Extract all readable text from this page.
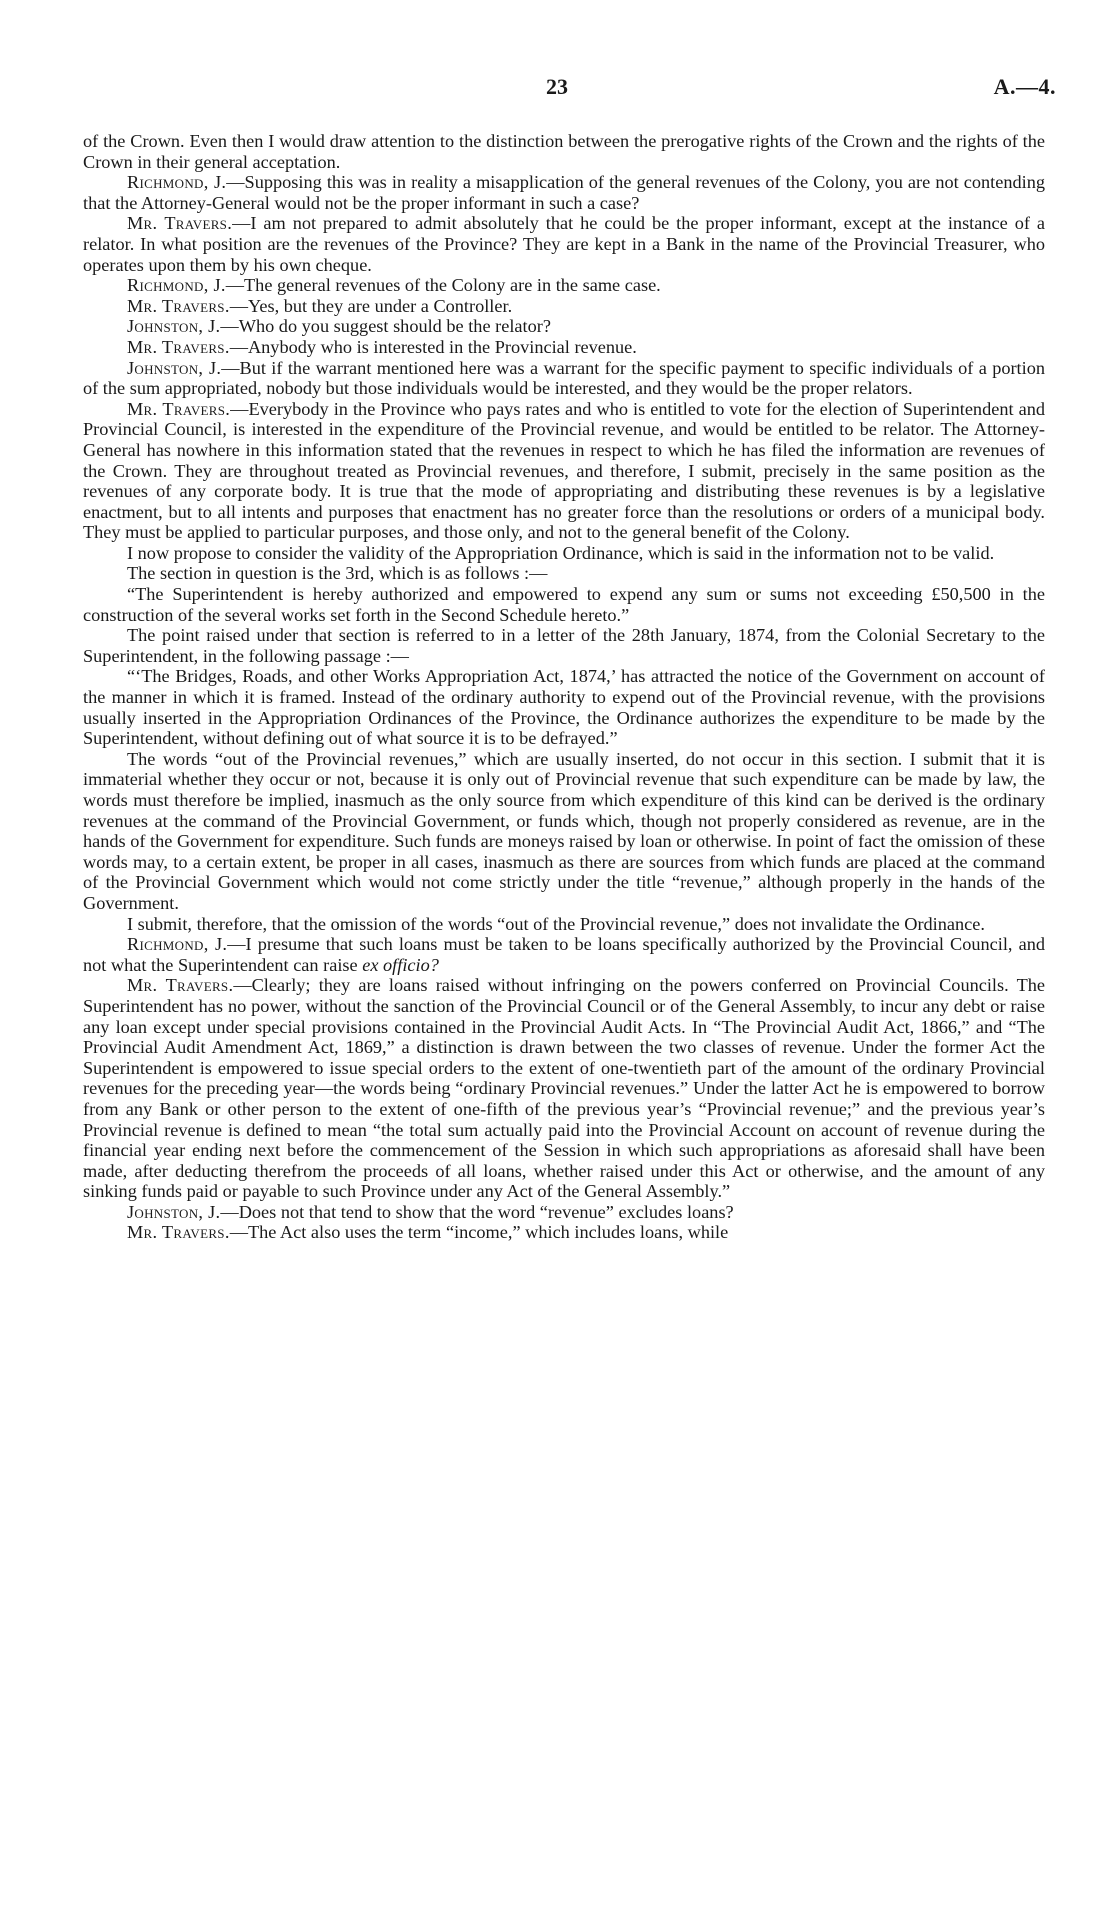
23	A.—4.

of the Crown. Even then I would draw attention to the distinction between the prerogative rights of the Crown and the rights of the Crown in their general acceptation.

Richmond, J.—Supposing this was in reality a misapplication of the general revenues of the Colony, you are not contending that the Attorney-General would not be the proper informant in such a case?

Mr. Travers.—I am not prepared to admit absolutely that he could be the proper informant, except at the instance of a relator. In what position are the revenues of the Province? They are kept in a Bank in the name of the Provincial Treasurer, who operates upon them by his own cheque.

Richmond, J.—The general revenues of the Colony are in the same case.

Mr. Travers.—Yes, but they are under a Controller.

Johnston, J.—Who do you suggest should be the relator?

Mr. Travers.—Anybody who is interested in the Provincial revenue.

Johnston, J.—But if the warrant mentioned here was a warrant for the specific payment to specific individuals of a portion of the sum appropriated, nobody but those individuals would be interested, and they would be the proper relators.

Mr. Travers.—Everybody in the Province who pays rates and who is entitled to vote for the election of Superintendent and Provincial Council, is interested in the expenditure of the Provincial revenue, and would be entitled to be relator. The Attorney-General has nowhere in this information stated that the revenues in respect to which he has filed the information are revenues of the Crown. They are throughout treated as Provincial revenues, and therefore, I submit, precisely in the same position as the revenues of any corporate body. It is true that the mode of appropriating and distributing these revenues is by a legislative enactment, but to all intents and purposes that enactment has no greater force than the resolutions or orders of a municipal body. They must be applied to particular purposes, and those only, and not to the general benefit of the Colony.

I now propose to consider the validity of the Appropriation Ordinance, which is said in the information not to be valid.

The section in question is the 3rd, which is as follows :—

“The Superintendent is hereby authorized and empowered to expend any sum or sums not exceeding £50,500 in the construction of the several works set forth in the Second Schedule hereto.”

The point raised under that section is referred to in a letter of the 28th January, 1874, from the Colonial Secretary to the Superintendent, in the following passage :—

“‘The Bridges, Roads, and other Works Appropriation Act, 1874,’ has attracted the notice of the Government on account of the manner in which it is framed. Instead of the ordinary authority to expend out of the Provincial revenue, with the provisions usually inserted in the Appropriation Ordinances of the Province, the Ordinance authorizes the expenditure to be made by the Superintendent, without defining out of what source it is to be defrayed.”

The words “out of the Provincial revenues,” which are usually inserted, do not occur in this section. I submit that it is immaterial whether they occur or not, because it is only out of Provincial revenue that such expenditure can be made by law, the words must therefore be implied, inasmuch as the only source from which expenditure of this kind can be derived is the ordinary revenues at the command of the Provincial Government, or funds which, though not properly considered as revenue, are in the hands of the Government for expenditure. Such funds are moneys raised by loan or otherwise. In point of fact the omission of these words may, to a certain extent, be proper in all cases, inasmuch as there are sources from which funds are placed at the command of the Provincial Government which would not come strictly under the title “revenue,” although properly in the hands of the Government.

I submit, therefore, that the omission of the words “out of the Provincial revenue,” does not invalidate the Ordinance.

Richmond, J.—I presume that such loans must be taken to be loans specifically authorized by the Provincial Council, and not what the Superintendent can raise ex officio?

Mr. Travers.—Clearly; they are loans raised without infringing on the powers conferred on Provincial Councils. The Superintendent has no power, without the sanction of the Provincial Council or of the General Assembly, to incur any debt or raise any loan except under special provisions contained in the Provincial Audit Acts. In “The Provincial Audit Act, 1866,” and “The Provincial Audit Amendment Act, 1869,” a distinction is drawn between the two classes of revenue. Under the former Act the Superintendent is empowered to issue special orders to the extent of one-twentieth part of the amount of the ordinary Provincial revenues for the preceding year—the words being “ordinary Provincial revenues.” Under the latter Act he is empowered to borrow from any Bank or other person to the extent of one-fifth of the previous year’s “Provincial revenue;” and the previous year’s Provincial revenue is defined to mean “the total sum actually paid into the Provincial Account on account of revenue during the financial year ending next before the commencement of the Session in which such appropriations as aforesaid shall have been made, after deducting therefrom the proceeds of all loans, whether raised under this Act or otherwise, and the amount of any sinking funds paid or payable to such Province under any Act of the General Assembly.”

Johnston, J.—Does not that tend to show that the word “revenue” excludes loans?

Mr. Travers.—The Act also uses the term “income,” which includes loans, while
